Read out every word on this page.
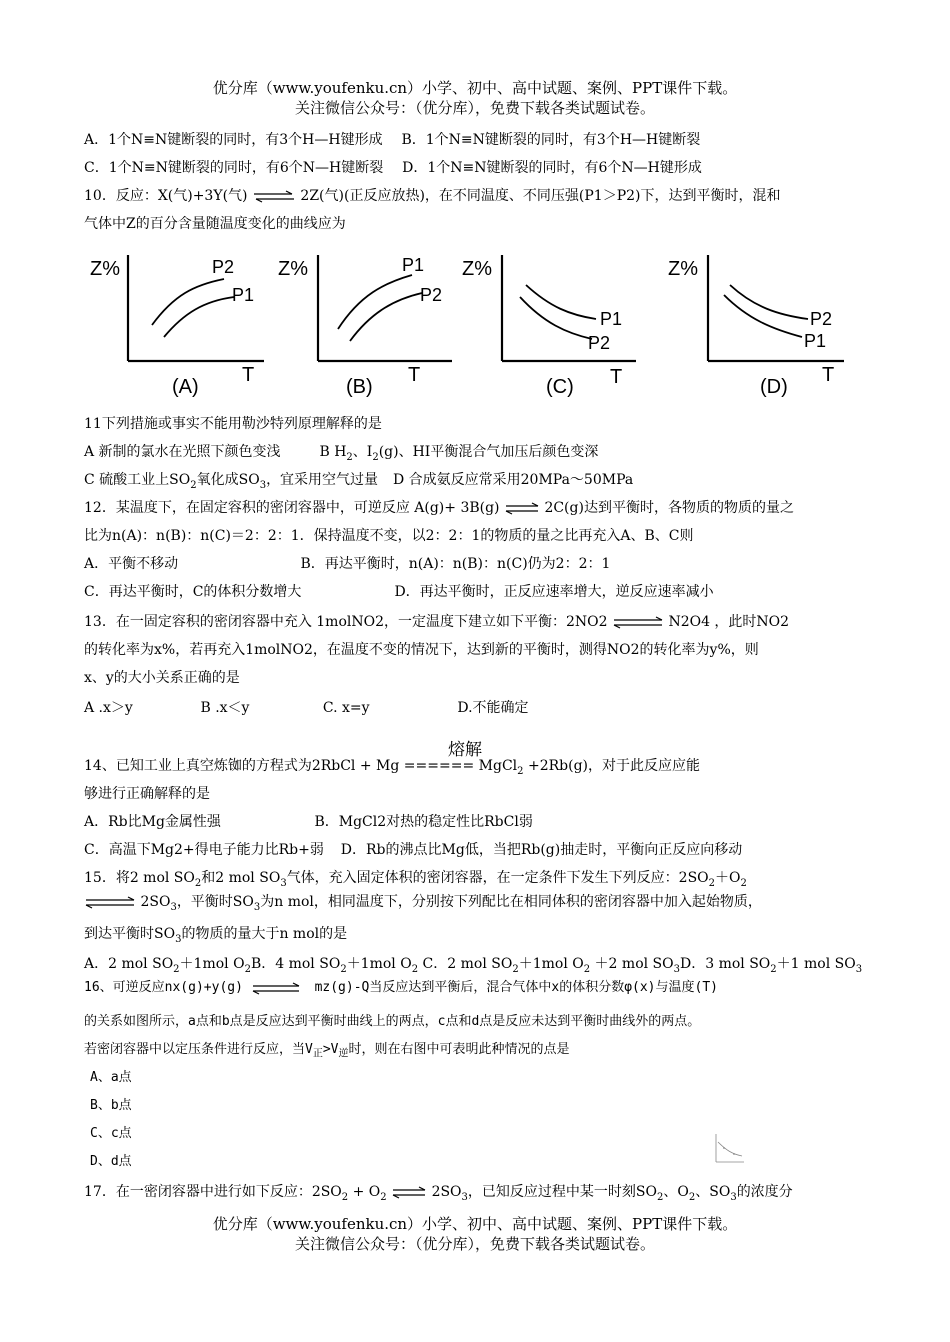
优分库（www.youfenku.cn）小学、初中、高中试题、案例、PPT课件下载。
关注微信公众号：（优分库），免费下载各类试题试卷。
A．1个N≡N键断裂的同时，有3个H—H键形成 B．1个N≡N键断裂的同时，有3个H—H键断裂
C．1个N≡N键断裂的同时，有6个N—H键断裂 D．1个N≡N键断裂的同时，有6个N—H键形成
10．反应：X(气)+3Y(气) ⇌ 2Z(气)(正反应放热)，在不同温度、不同压强(P1＞P2)下，达到平衡时，混和
气体中Z的百分含量随温度变化的曲线应为
Z%	P2
P1
(A)
T
Z%	P1
P2
(B)
T
Z%
P1
P2
(C) T
Z%
P2
P1
(D)
T
11下列措施或事实不能用勒沙特列原理解释的是
A 新制的氯水在光照下颜色变浅	B $H_2$、$I_2(g)$、HI平衡混合气加压后颜色变深
C 硫酸工业上$SO_2$氧化成$SO_3$，宜采用空气过量 D 合成氨反应常采用20MPa～50MPa
12．某温度下，在固定容积的密闭容器中，可逆反应 A(g)+ 3B(g) ⇌ 2C(g)达到平衡时，各物质的物质的量之
比为n(A)：n(B)：n(C)＝2：2：1．保持温度不变，以2：2：1的物质的量之比再充入A、B、C则
A．平衡不移动	B．再达平衡时，n(A)：n(B)：n(C)仍为2：2：1
C．再达平衡时，C的体积分数增大	D．再达平衡时，正反应速率增大，逆反应速率减小
13．在一固定容积的密闭容器中充入 1molNO2，一定温度下建立如下平衡：2NO2 ⇌ N2O4 ，此时NO2
的转化率为x%，若再充入1molNO2，在温度不变的情况下，达到新的平衡时，测得NO2的转化率为y%，则
x、y的大小关系正确的是
A .x＞y	B .x＜y	C. x=y	D.不能确定
熔解
14、已知工业上真空炼铷的方程式为2RbCl + Mg ====== MgCl$_2$ +2Rb(g)，对于此反应应能
够进行正确解释的是
A．Rb比Mg金属性强	B．MgCl2对热的稳定性比RbCl弱
C．高温下Mg2+得电子能力比Rb+弱 D．Rb的沸点比Mg低，当把Rb(g)抽走时，平衡向正反应向移动
15．将2 mol $SO_2$和2 mol $SO_3$气体，充入固定体积的密闭容器，在一定条件下发生下列反应：$2SO_2+O_2$
⇌ $2SO_3$，平衡时$SO_3$为n mol，相同温度下，分别按下列配比在相同体积的密闭容器中加入起始物质，
到达平衡时$SO_3$的物质的量大于n mol的是
A．2 mol $SO_2+1mol$ $O_2B$．4 mol $SO_2+1mol$ $O_2$ C．2 mol $SO_2+1mol$ $O_2 +2$ mol $SO_3D$．3 mol $SO_2+1$ mol $SO_3$
16、可逆反应nx(g)+y(g)	mz(g)-Q当反应达到平衡后，混合气体中x的体积分数φ(x)与温度(T)
的关系如图所示，a点和b点是反应达到平衡时曲线上的两点，c点和d点是反应未达到平衡时曲线外的两点。
若密闭容器中以定压条件进行反应，当$V_正>V_逆$时，则在右图中可表明此种情况的点是
A、a点
B、b点
C、c点
D、d点
17．在一密闭容器中进行如下反应：$2SO_2 + O_2$ ⇌ $2SO_3$，已知反应过程中某一时刻$SO_2$、$O_2$、$SO_3$的浓度分
优分库（www.youfenku.cn）小学、初中、高中试题、案例、PPT课件下载。
关注微信公众号：（优分库），免费下载各类试题试卷。
